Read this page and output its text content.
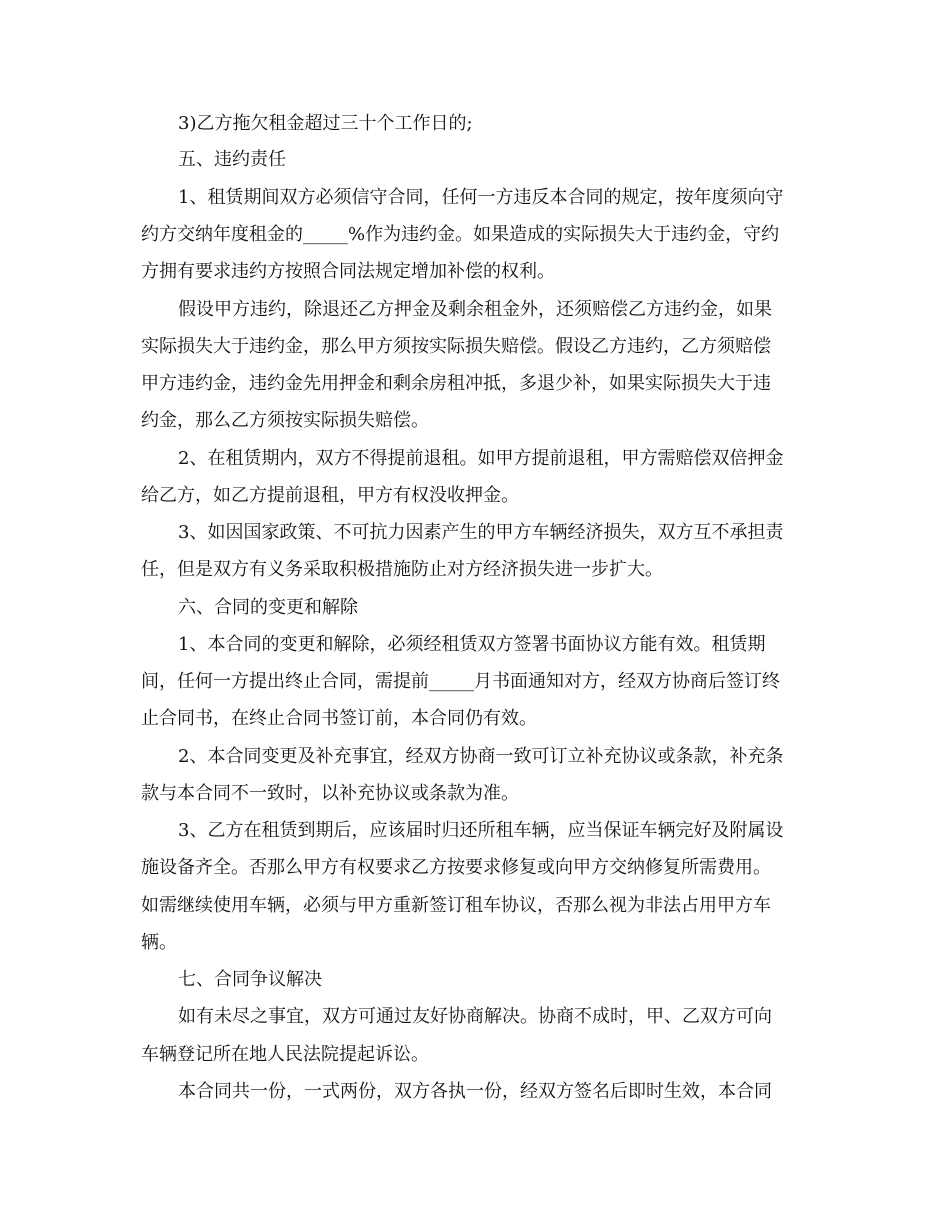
3)乙方拖欠租金超过三十个工作日的;
五、违约责任
1、租赁期间双方必须信守合同，任何一方违反本合同的规定，按年度须向守
约方交纳年度租金的_____%作为违约金。如果造成的实际损失大于违约金，守约
方拥有要求违约方按照合同法规定增加补偿的权利。
假设甲方违约，除退还乙方押金及剩余租金外，还须赔偿乙方违约金，如果
实际损失大于违约金，那么甲方须按实际损失赔偿。假设乙方违约，乙方须赔偿
甲方违约金，违约金先用押金和剩余房租冲抵，多退少补，如果实际损失大于违
约金，那么乙方须按实际损失赔偿。
2、在租赁期内，双方不得提前退租。如甲方提前退租，甲方需赔偿双倍押金
给乙方，如乙方提前退租，甲方有权没收押金。
3、如因国家政策、不可抗力因素产生的甲方车辆经济损失，双方互不承担责
任，但是双方有义务采取积极措施防止对方经济损失进一步扩大。
六、合同的变更和解除
1、本合同的变更和解除，必须经租赁双方签署书面协议方能有效。租赁期
间，任何一方提出终止合同，需提前_____月书面通知对方，经双方协商后签订终
止合同书，在终止合同书签订前，本合同仍有效。
2、本合同变更及补充事宜，经双方协商一致可订立补充协议或条款，补充条
款与本合同不一致时，以补充协议或条款为准。
3、乙方在租赁到期后，应该届时归还所租车辆，应当保证车辆完好及附属设
施设备齐全。否那么甲方有权要求乙方按要求修复或向甲方交纳修复所需费用。
如需继续使用车辆，必须与甲方重新签订租车协议，否那么视为非法占用甲方车
辆。
七、合同争议解决
如有未尽之事宜，双方可通过友好协商解决。协商不成时，甲、乙双方可向
车辆登记所在地人民法院提起诉讼。
本合同共一份，一式两份，双方各执一份，经双方签名后即时生效，本合同
